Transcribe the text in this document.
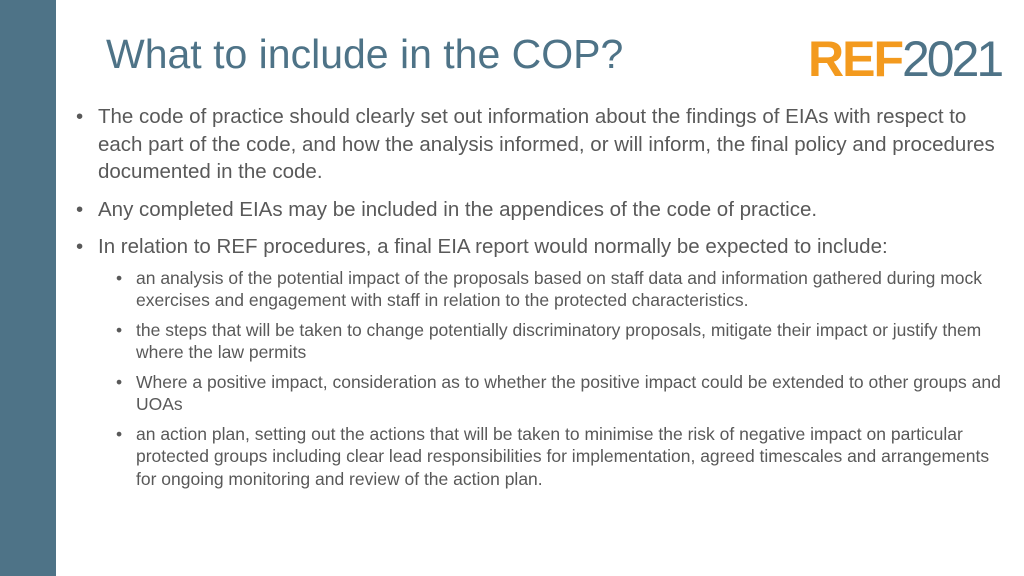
What to include in the COP?	REF2021
• The code of practice should clearly set out information about the findings of EIAs with respect to each part of the code, and how the analysis informed, or will inform, the final policy and procedures documented in the code.
• Any completed EIAs may be included in the appendices of the code of practice.
• In relation to REF procedures, a final EIA report would normally be expected to include:
• an analysis of the potential impact of the proposals based on staff data and information gathered during mock exercises and engagement with staff in relation to the protected characteristics.
• the steps that will be taken to change potentially discriminatory proposals, mitigate their impact or justify them where the law permits
• Where a positive impact, consideration as to whether the positive impact could be extended to other groups and UOAs
• an action plan, setting out the actions that will be taken to minimise the risk of negative impact on particular protected groups including clear lead responsibilities for implementation, agreed timescales and arrangements for ongoing monitoring and review of the action plan.
